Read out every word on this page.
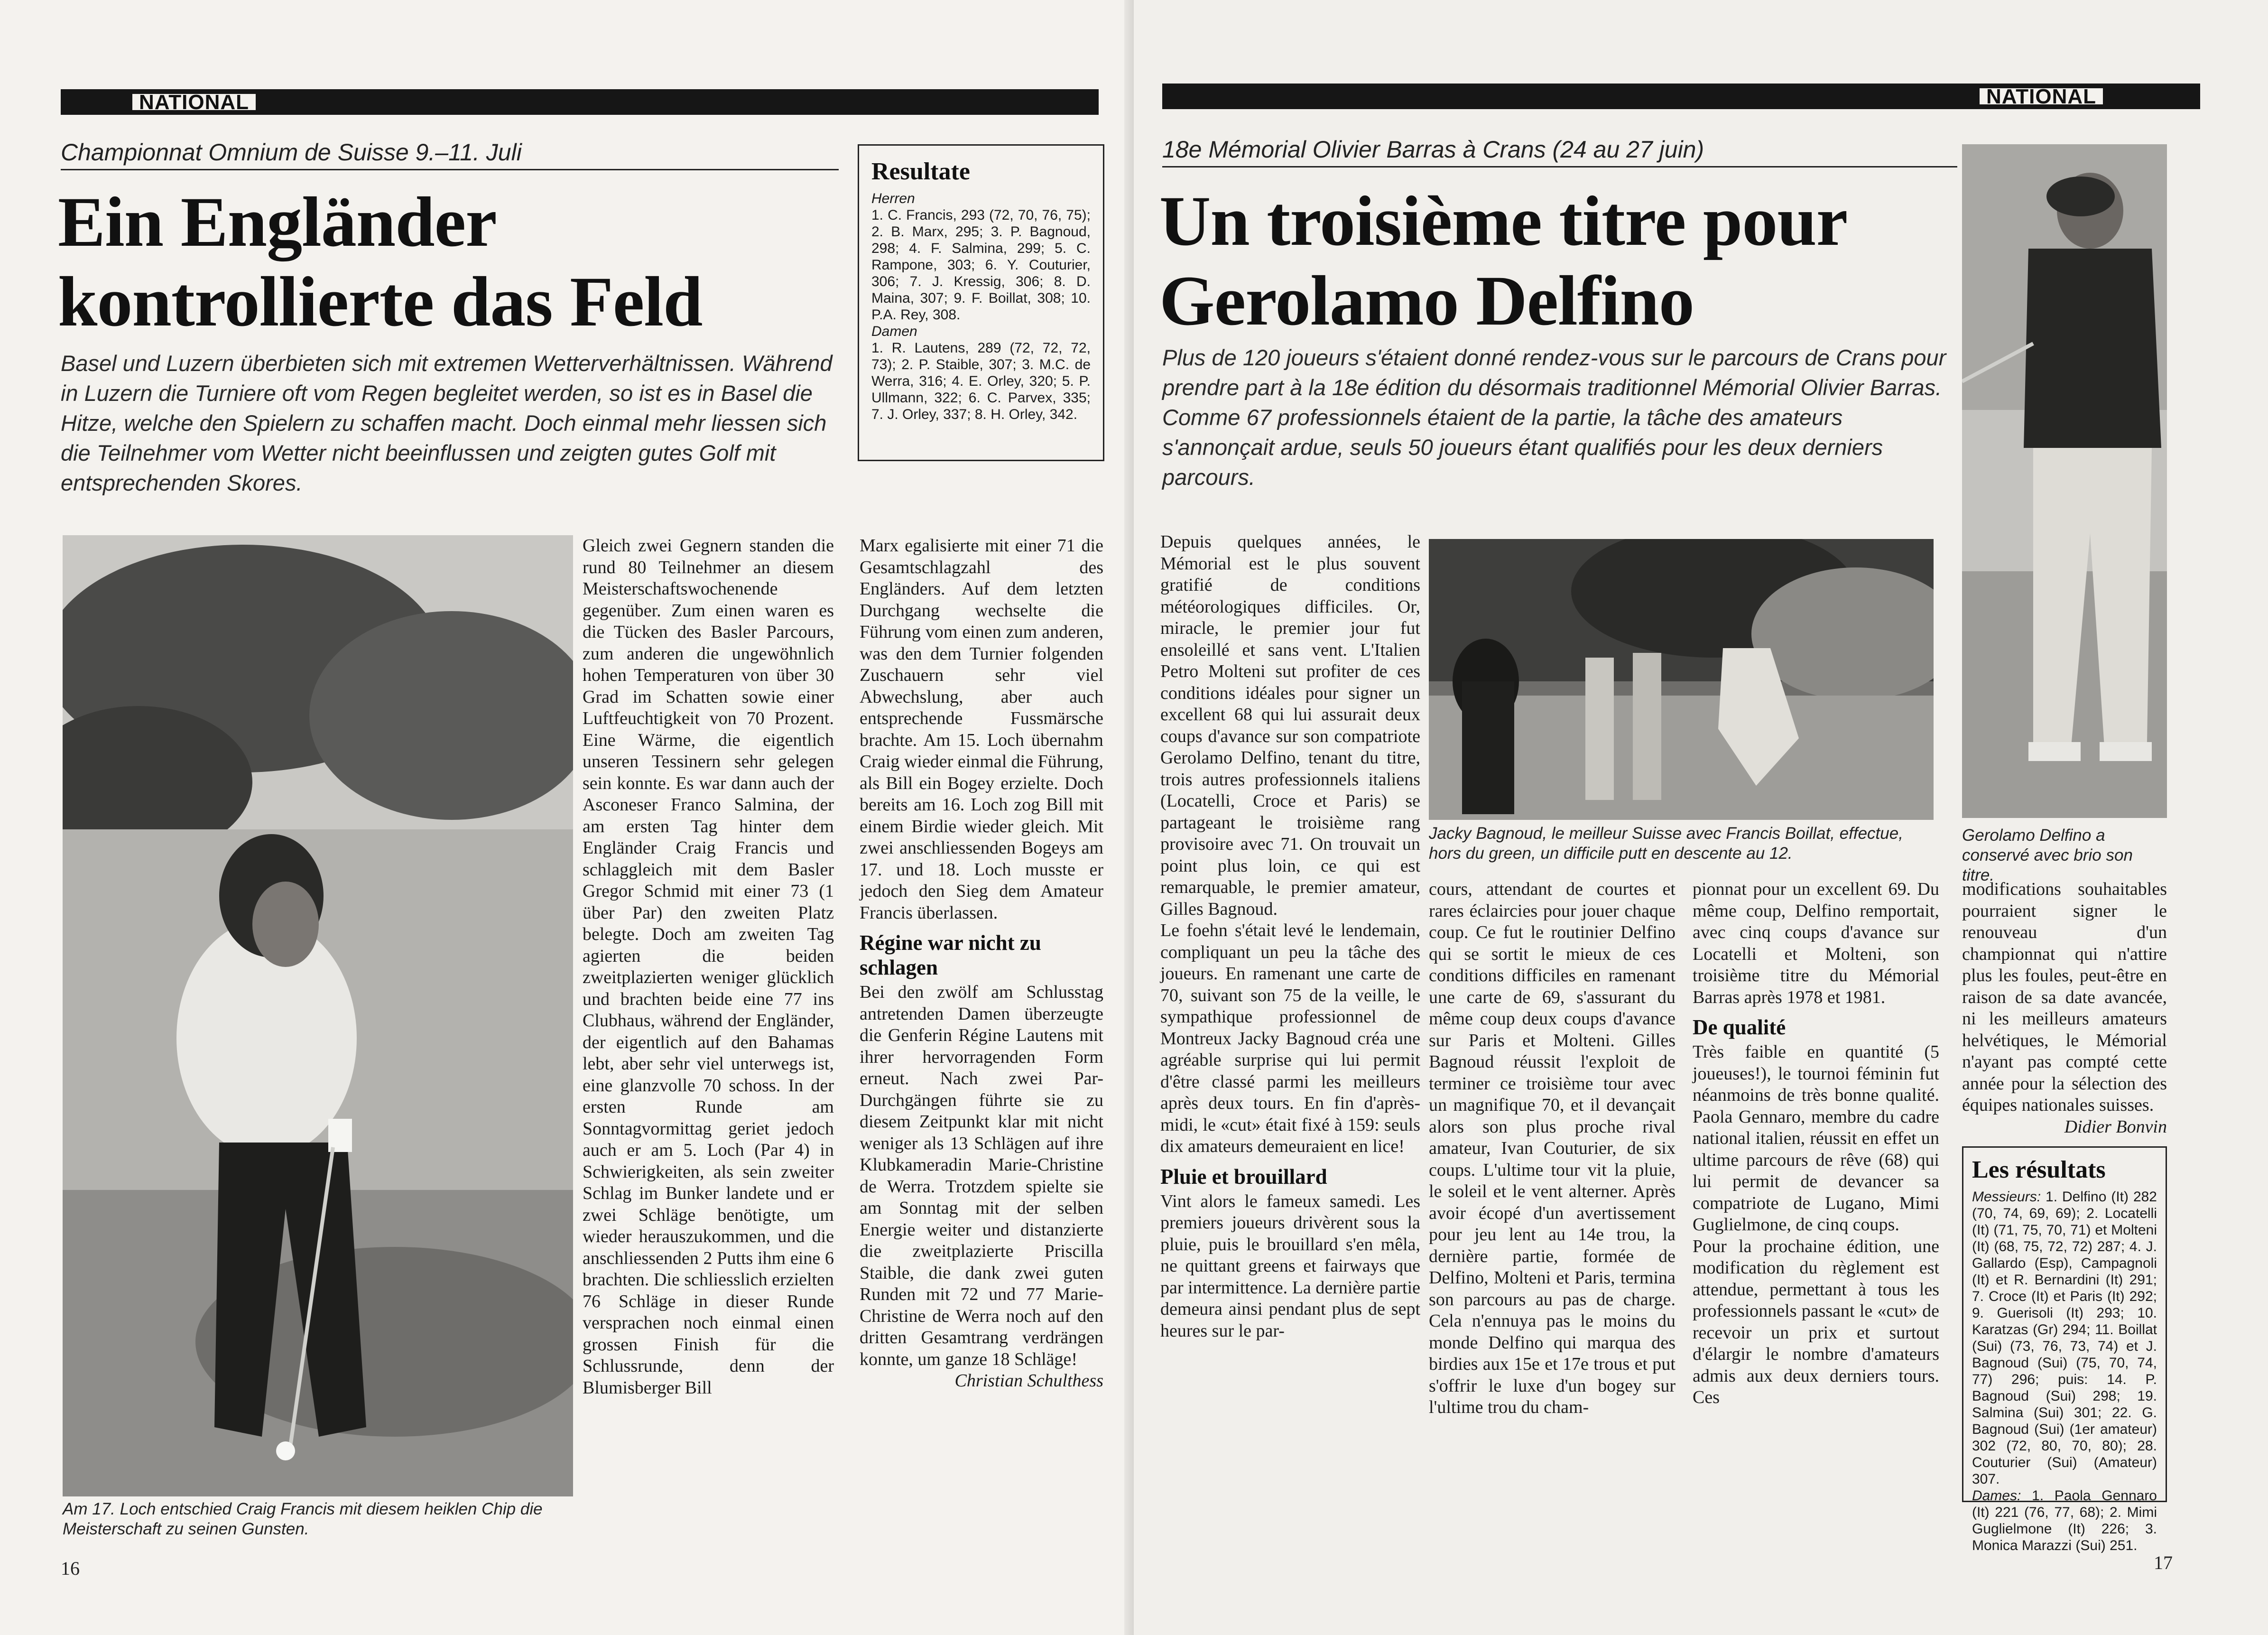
NATIONAL
Championnat Omnium de Suisse 9.–11. Juli
Ein Engländer
kontrollierte das Feld

Basel und Luzern überbieten sich mit extremen Wetterverhältnissen. Während in Luzern die Turniere oft vom Regen begleitet werden, so ist es in Basel die Hitze, welche den Spielern zu schaffen macht. Doch einmal mehr liessen sich die Teilnehmer vom Wetter nicht beeinflussen und zeigten gutes Golf mit entsprechenden Skores.

Resultate
Herren

1. C. Francis, 293 (72, 70, 76, 75); 2. B. Marx, 295; 3. P. Bagnoud, 298; 4. F. Salmina, 299; 5. C. Rampone, 303; 6. Y. Couturier, 306; 7. J. Kressig, 306; 8. D. Maina, 307; 9. F. Boillat, 308; 10. P.A. Rey, 308.

Damen

1. R. Lautens, 289 (72, 72, 72, 73); 2. P. Staible, 307; 3. M.C. de Werra, 316; 4. E. Orley, 320; 5. P. Ullmann, 322; 6. C. Parvex, 335; 7. J. Orley, 337; 8. H. Orley, 342.

Am 17. Loch entschied Craig Francis mit diesem heiklen Chip die Meisterschaft zu seinen Gunsten.

Gleich zwei Gegnern standen die rund 80 Teilnehmer an diesem Meisterschaftswochenende gegenüber. Zum einen waren es die Tücken des Basler Parcours, zum anderen die ungewöhnlich hohen Temperaturen von über 30 Grad im Schatten sowie einer Luftfeuchtigkeit von 70 Prozent. Eine Wärme, die eigentlich unseren Tessinern sehr gelegen sein konnte. Es war dann auch der Asconeser Franco Salmina, der am ersten Tag hinter dem Engländer Craig Francis und schlaggleich mit dem Basler Gregor Schmid mit einer 73 (1 über Par) den zweiten Platz belegte. Doch am zweiten Tag agierten die beiden zweitplazierten weniger glücklich und brachten beide eine 77 ins Clubhaus, während der Engländer, der eigentlich auf den Bahamas lebt, aber sehr viel unterwegs ist, eine glanzvolle 70 schoss. In der ersten Runde am Sonntagvormittag geriet jedoch auch er am 5. Loch (Par 4) in Schwierigkeiten, als sein zweiter Schlag im Bunker landete und er zwei Schläge benötigte, um wieder herauszukommen, und die anschliessenden 2 Putts ihm eine 6 brachten. Die schliesslich erzielten 76 Schläge in dieser Runde versprachen noch einmal einen grossen Finish für die Schlussrunde, denn der Blumisberger Bill

Marx egalisierte mit einer 71 die Gesamtschlagzahl des Engländers. Auf dem letzten Durchgang wechselte die Führung vom einen zum anderen, was den dem Turnier folgenden Zuschauern sehr viel Abwechslung, aber auch entsprechende Fussmärsche brachte. Am 15. Loch übernahm Craig wieder einmal die Führung, als Bill ein Bogey erzielte. Doch bereits am 16. Loch zog Bill mit einem Birdie wieder gleich. Mit zwei anschliessenden Bogeys am 17. und 18. Loch musste er jedoch den Sieg dem Amateur Francis überlassen.

Régine war nicht zu schlagen

Bei den zwölf am Schlusstag antretenden Damen überzeugte die Genferin Régine Lautens mit ihrer hervorragenden Form erneut. Nach zwei Par-Durchgängen führte sie zu diesem Zeitpunkt klar mit nicht weniger als 13 Schlägen auf ihre Klubkameradin Marie-Christine de Werra. Trotzdem spielte sie am Sonntag mit der selben Energie weiter und distanzierte die zweitplazierte Priscilla Staible, die dank zwei guten Runden mit 72 und 77 Marie-Christine de Werra noch auf den dritten Gesamtrang verdrängen konnte, um ganze 18 Schläge!

Christian Schulthess

16
NATIONAL
18e Mémorial Olivier Barras à Crans (24 au 27 juin)
Un troisième titre pour
Gerolamo Delfino

Plus de 120 joueurs s'étaient donné rendez-vous sur le parcours de Crans pour prendre part à la 18e édition du désormais traditionnel Mémorial Olivier Barras. Comme 67 professionnels étaient de la partie, la tâche des amateurs s'annonçait ardue, seuls 50 joueurs étant qualifiés pour les deux derniers parcours.

Gerolamo Delfino a conservé avec brio son titre.

Jacky Bagnoud, le meilleur Suisse avec Francis Boillat, effectue, hors du green, un difficile putt en descente au 12.

Depuis quelques années, le Mémorial est le plus souvent gratifié de conditions météorologiques difficiles. Or, miracle, le premier jour fut ensoleillé et sans vent. L'Italien Petro Molteni sut profiter de ces conditions idéales pour signer un excellent 68 qui lui assurait deux coups d'avance sur son compatriote Gerolamo Delfino, tenant du titre, trois autres professionnels italiens (Locatelli, Croce et Paris) se partageant le troisième rang provisoire avec 71. On trouvait un point plus loin, ce qui est remarquable, le premier amateur, Gilles Bagnoud.

Le foehn s'était levé le lendemain, compliquant un peu la tâche des joueurs. En ramenant une carte de 70, suivant son 75 de la veille, le sympathique professionnel de Montreux Jacky Bagnoud créa une agréable surprise qui lui permit d'être classé parmi les meilleurs après deux tours. En fin d'après-midi, le «cut» était fixé à 159: seuls dix amateurs demeuraient en lice!

Pluie et brouillard

Vint alors le fameux samedi. Les premiers joueurs drivèrent sous la pluie, puis le brouillard s'en mêla, ne quittant greens et fairways que par intermittence. La dernière partie demeura ainsi pendant plus de sept heures sur le par-

cours, attendant de courtes et rares éclaircies pour jouer chaque coup. Ce fut le routinier Delfino qui se sortit le mieux de ces conditions difficiles en ramenant une carte de 69, s'assurant du même coup deux coups d'avance sur Paris et Molteni. Gilles Bagnoud réussit l'exploit de terminer ce troisième tour avec un magnifique 70, et il devançait alors son plus proche rival amateur, Ivan Couturier, de six coups. L'ultime tour vit la pluie, le soleil et le vent alterner. Après avoir écopé d'un avertissement pour jeu lent au 14e trou, la dernière partie, formée de Delfino, Molteni et Paris, termina son parcours au pas de charge. Cela n'ennuya pas le moins du monde Delfino qui marqua des birdies aux 15e et 17e trous et put s'offrir le luxe d'un bogey sur l'ultime trou du cham-

pionnat pour un excellent 69. Du même coup, Delfino remportait, avec cinq coups d'avance sur Locatelli et Molteni, son troisième titre du Mémorial Barras après 1978 et 1981.

De qualité

Très faible en quantité (5 joueuses!), le tournoi féminin fut néanmoins de très bonne qualité. Paola Gennaro, membre du cadre national italien, réussit en effet un ultime parcours de rêve (68) qui lui permit de devancer sa compatriote de Lugano, Mimi Guglielmone, de cinq coups.

Pour la prochaine édition, une modification du règlement est attendue, permettant à tous les professionnels passant le «cut» de recevoir un prix et surtout d'élargir le nombre d'amateurs admis aux deux derniers tours. Ces

modifications souhaitables pourraient signer le renouveau d'un championnat qui n'attire plus les foules, peut-être en raison de sa date avancée, ni les meilleurs amateurs helvétiques, le Mémorial n'ayant pas compté cette année pour la sélection des équipes nationales suisses.

Didier Bonvin

Les résultats

Messieurs: 1. Delfino (It) 282 (70, 74, 69, 69); 2. Locatelli (It) (71, 75, 70, 71) et Molteni (It) (68, 75, 72, 72) 287; 4. J. Gallardo (Esp), Campagnoli (It) et R. Bernardini (It) 291; 7. Croce (It) et Paris (It) 292; 9. Guerisoli (It) 293; 10. Karatzas (Gr) 294; 11. Boillat (Sui) (73, 76, 73, 74) et J. Bagnoud (Sui) (75, 70, 74, 77) 296; puis: 14. P. Bagnoud (Sui) 298; 19. Salmina (Sui) 301; 22. G. Bagnoud (Sui) (1er amateur) 302 (72, 80, 70, 80); 28. Couturier (Sui) (Amateur) 307.

Dames: 1. Paola Gennaro (It) 221 (76, 77, 68); 2. Mimi Guglielmone (It) 226; 3. Monica Marazzi (Sui) 251.

17
